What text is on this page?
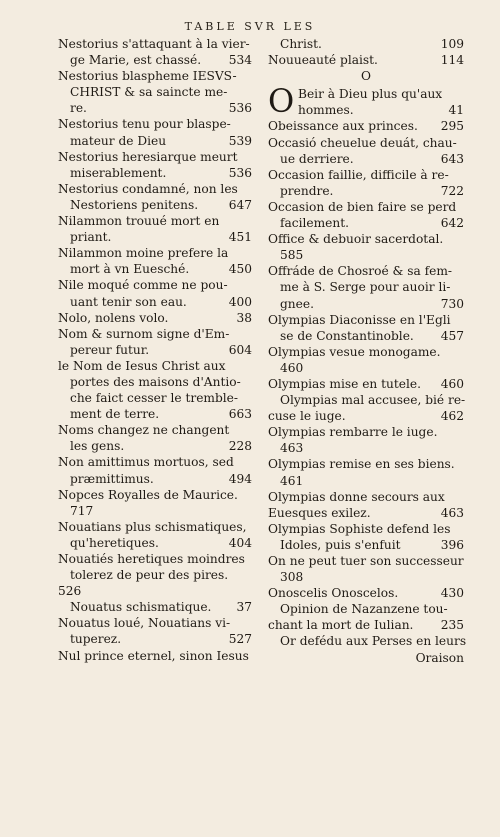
TABLE SVR LES
Nestorius s'attaquant à la vier-
ge Marie, est chassé. 534
Nestorius blaspheme IESVS-
CHRIST & sa saincte me-
re.	536
Nestorius tenu pour blaspe-
mateur de Dieu	539
Nestorius heresiarque meurt
miserablement.	536
Nestorius condamné, non les
Nestoriens penitens.	647
Nilammon trouué mort en
priant.	451
Nilammon moine prefere la
mort à vn Euesché.	450
Nile moqué comme ne pou-
uant tenir son eau.	400
Nolo, nolens volo.	38
Nom & surnom signe d'Em-
pereur futur.	604
le Nom de Iesus Christ aux
portes des maisons d'Antio-
che faict cesser le tremble-
ment de terre.	663
Noms changez ne changent
les gens.	228
Non amittimus mortuos, sed
præmittimus.	494
Nopces Royalles de Maurice.
717
Nouatians plus schismatiques,
qu'heretiques.	404
Nouatiés heretiques moindres
tolerez de peur des pires.
526
Nouatus schismatique. 37
Nouatus loué, Nouatians vi-
tuperez.	527
Nul prince eternel, sinon Iesus
Christ.	109
Nouueauté plaist.	114
O
O Beir à Dieu plus qu'aux
hommes.	41
Obeissance aux princes. 295
Occasió cheuelue deuát, chau-
ue derriere.	643
Occasion faillie, difficile à re-
prendre.	722
Occasion de bien faire se perd
facilement.	642
Office & debuoir sacerdotal.
585
Offráde de Chosroé & sa fem-
me à S. Serge pour auoir li-
gnee.	730
Olympias Diaconisse en l'Egli
se de Constantinoble. 457
Olympias vesue monogame.
460
Olympias mise en tutele. 460
Olympias mal accusee, bié re-
cuse le iuge.	462
Olympias rembarre le iuge.
463
Olympias remise en ses biens.
461
Olympias donne secours aux
Euesques exilez.	463
Olympias Sophiste defend les
Idoles, puis s'enfuit	396
On ne peut tuer son successeur
308
Onoscelis Onoscelos.	430
Opinion de Nazanzene tou-
chant la mort de Iulian. 235
Or defédu aux Perses en leurs
Oraison
